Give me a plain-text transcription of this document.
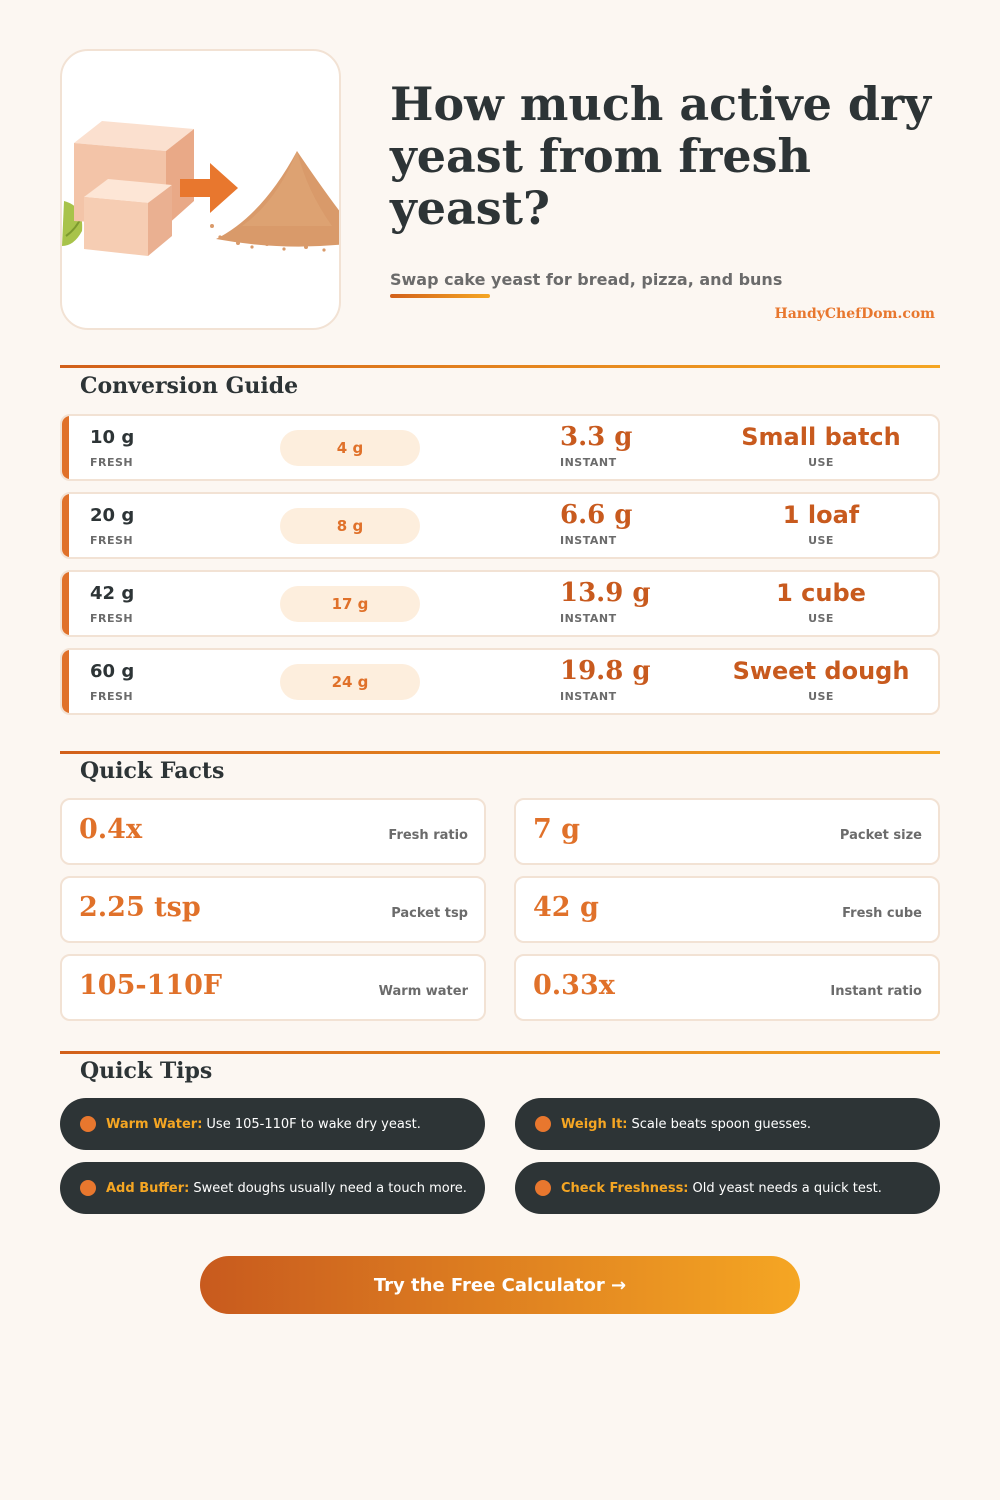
How much active dry yeast from fresh yeast?
Swap cake yeast for bread, pizza, and buns
HandyChefDom.com
Conversion Guide
10 g
FRESH
4 g	3.3 g
INSTANT
Small batch
USE
20 g
FRESH
8 g	6.6 g
INSTANT
1 loaf
USE
42 g
FRESH
17 g	13.9 g
INSTANT
1 cube
USE
60 g
FRESH
24 g	19.8 g
INSTANT
Sweet dough
USE
Quick Facts
0.4x	Fresh ratio 7 g	Packet size
2.25 tsp	Packet tsp 42 g	Fresh cube
105-110F	Warm water 0.33x	Instant ratio
Quick Tips
Warm Water: Use 105-110F to wake dry yeast.	Weigh It: Scale beats spoon guesses.
Add Buffer: Sweet doughs usually need a touch more.	Check Freshness: Old yeast needs a quick test.
Try the Free Calculator →
